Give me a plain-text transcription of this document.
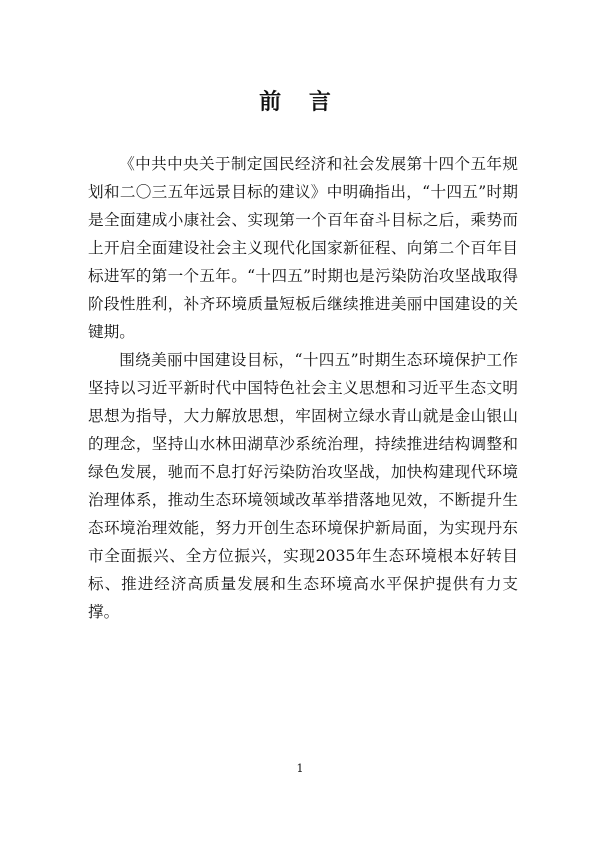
前 言

《中共中央关于制定国民经济和社会发展第十四个五年规划和二〇三五年远景目标的建议》中明确指出，“十四五”时期是全面建成小康社会、实现第一个百年奋斗目标之后，乘势而上开启全面建设社会主义现代化国家新征程、向第二个百年目标进军的第一个五年。“十四五”时期也是污染防治攻坚战取得阶段性胜利，补齐环境质量短板后继续推进美丽中国建设的关键期。

围绕美丽中国建设目标，“十四五”时期生态环境保护工作坚持以习近平新时代中国特色社会主义思想和习近平生态文明思想为指导，大力解放思想，牢固树立绿水青山就是金山银山的理念，坚持山水林田湖草沙系统治理，持续推进结构调整和绿色发展，驰而不息打好污染防治攻坚战，加快构建现代环境治理体系，推动生态环境领域改革举措落地见效，不断提升生态环境治理效能，努力开创生态环境保护新局面，为实现丹东市全面振兴、全方位振兴，实现2035年生态环境根本好转目标、推进经济高质量发展和生态环境高水平保护提供有力支撑。

1
